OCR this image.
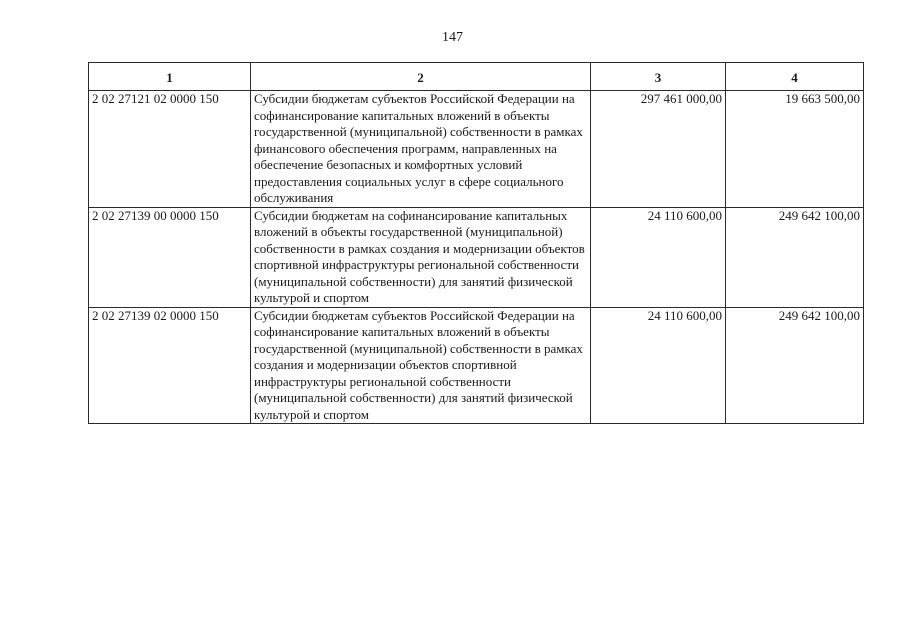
147
1	2	3	4
2 02 27121 02 0000 150	Субсидии бюджетам субъектов Российской Федерации на софинансирование капитальных вложений в объекты государственной (муниципальной) собственности в рамках финансового обеспечения программ, направленных на обеспечение безопасных и комфортных условий предоставления социальных услуг в сфере социального обслуживания	297 461 000,00	19 663 500,00
2 02 27139 00 0000 150	Субсидии бюджетам на софинансирование капитальных вложений в объекты государственной (муниципальной) собственности в рамках создания и модернизации объектов спортивной инфраструктуры региональной собственности (муниципальной собственности) для занятий физической культурой и спортом	24 110 600,00	249 642 100,00
2 02 27139 02 0000 150	Субсидии бюджетам субъектов Российской Федерации на софинансирование капитальных вложений в объекты государственной (муниципальной) собственности в рамках создания и модернизации объектов спортивной инфраструктуры региональной собственности (муниципальной собственности) для занятий физической культурой и спортом	24 110 600,00	249 642 100,00
